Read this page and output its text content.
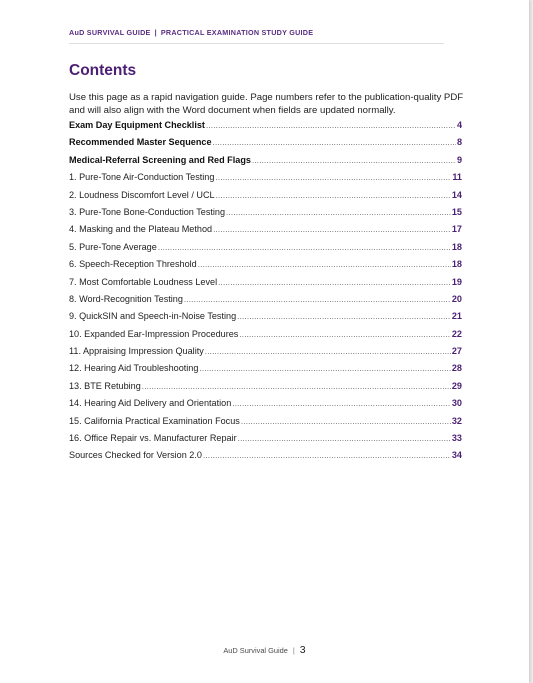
AuD SURVIVAL GUIDE | PRACTICAL EXAMINATION STUDY GUIDE
Contents

Use this page as a rapid navigation guide. Page numbers refer to the publication-quality PDF and will also align with the Word document when fields are updated normally.

Exam Day Equipment Checklist .....	4
Recommended Master Sequence .....	8
Medical-Referral Screening and Red Flags .....	9
1. Pure-Tone Air-Conduction Testing .....	11
2. Loudness Discomfort Level / UCL .....	14
3. Pure-Tone Bone-Conduction Testing .....	15
4. Masking and the Plateau Method .....	17
5. Pure-Tone Average .....	18
6. Speech-Reception Threshold .....	18
7. Most Comfortable Loudness Level .....	19
8. Word-Recognition Testing .....	20
9. QuickSIN and Speech-in-Noise Testing .....	21
10. Expanded Ear-Impression Procedures .....	22
11. Appraising Impression Quality .....	27
12. Hearing Aid Troubleshooting .....	28
13. BTE Retubing .....	29
14. Hearing Aid Delivery and Orientation .....	30
15. California Practical Examination Focus .....	32
16. Office Repair vs. Manufacturer Repair .....	33
Sources Checked for Version 2.0 .....	34
AuD Survival Guide | 3
